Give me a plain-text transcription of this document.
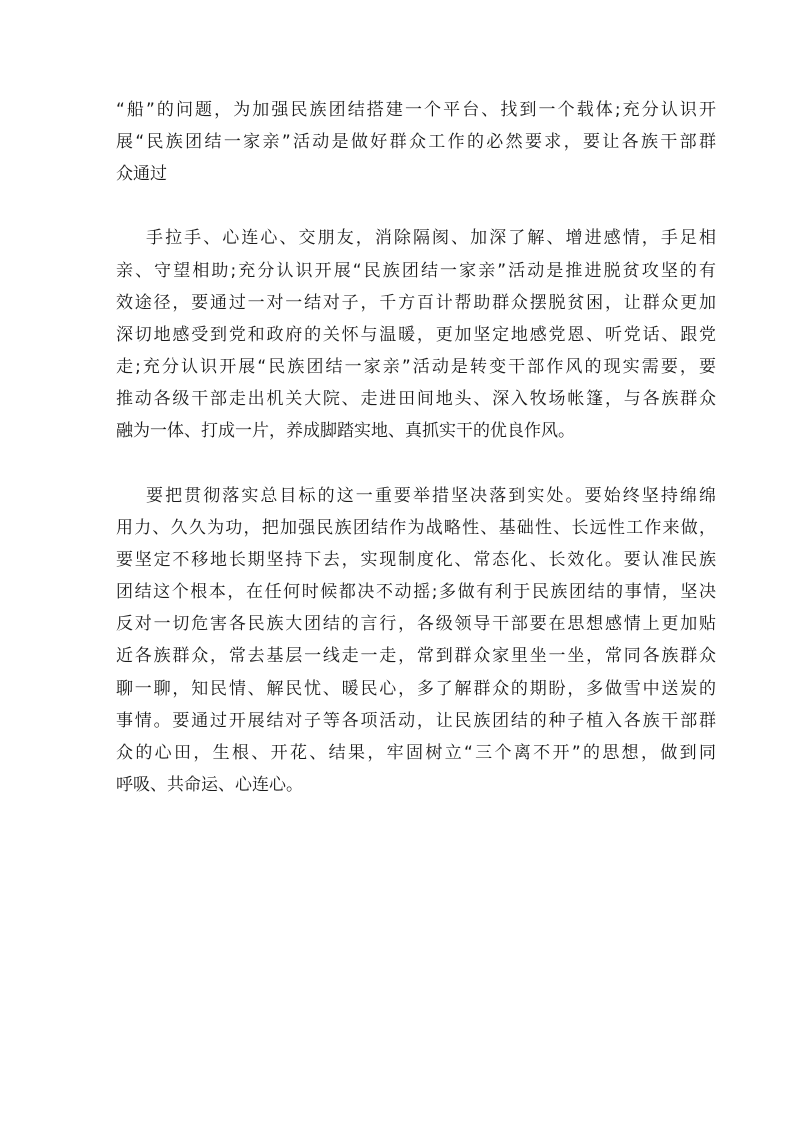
“船”的问题，为加强民族团结搭建一个平台、找到一个载体;充分认识开

展“民族团结一家亲”活动是做好群众工作的必然要求，要让各族干部群

众通过

手拉手、心连心、交朋友，消除隔阂、加深了解、增进感情，手足相

亲、守望相助;充分认识开展“民族团结一家亲”活动是推进脱贫攻坚的有

效途径，要通过一对一结对子，千方百计帮助群众摆脱贫困，让群众更加

深切地感受到党和政府的关怀与温暖，更加坚定地感党恩、听党话、跟党

走;充分认识开展“民族团结一家亲”活动是转变干部作风的现实需要，要

推动各级干部走出机关大院、走进田间地头、深入牧场帐篷，与各族群众

融为一体、打成一片，养成脚踏实地、真抓实干的优良作风。

要把贯彻落实总目标的这一重要举措坚决落到实处。要始终坚持绵绵

用力、久久为功，把加强民族团结作为战略性、基础性、长远性工作来做，

要坚定不移地长期坚持下去，实现制度化、常态化、长效化。要认准民族

团结这个根本，在任何时候都决不动摇;多做有利于民族团结的事情，坚决

反对一切危害各民族大团结的言行，各级领导干部要在思想感情上更加贴

近各族群众，常去基层一线走一走，常到群众家里坐一坐，常同各族群众

聊一聊，知民情、解民忧、暖民心，多了解群众的期盼，多做雪中送炭的

事情。要通过开展结对子等各项活动，让民族团结的种子植入各族干部群

众的心田，生根、开花、结果，牢固树立“三个离不开”的思想，做到同

呼吸、共命运、心连心。
